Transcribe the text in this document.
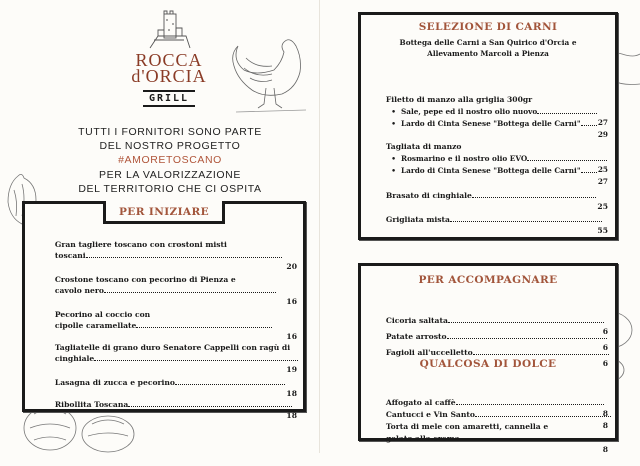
ROCCA
d'ORCIA
GRILL
TUTTI I FORNITORI SONO PARTE
DEL NOSTRO PROGETTO
#AMORETOSCANO
PER LA VALORIZZAZIONE
DEL TERRITORIO CHE CI OSPITA
PER INIZIARE

Gran tagliere toscano con crostoni misti

toscani

20

Crostone toscano con pecorino di Pienza e

cavolo nero

16

Pecorino al coccio con

cipolle caramellate

16

Tagliatelle di grano duro Senatore Cappelli con ragù di

cinghiale

19

Lasagna di zucca e pecorino

18

Ribollita Toscana

18

SELEZIONE DI CARNI
Bottega delle Carni a San Quirico d'Orcia e
Allevamento Marcoli a Pienza

Filetto di manzo alla griglia 300gr

•  Sale, pepe ed il nostro olio nuovo

27

•  Lardo di Cinta Senese "Bottega delle Carni"

29

Tagliata di manzo

•  Rosmarino e il nostro olio EVO

25

•  Lardo di Cinta Senese "Bottega delle Carni"

27

Brasato di cinghiale

25

Grigliata mista

55

PER ACCOMPAGNARE

Cicoria saltata

6

Patate arrosto

6

Fagioli all'uccelletto

6

QUALCOSA DI DOLCE

Affogato al caffè

8

Cantucci e Vin Santo

8

Torta di mele con amaretti, cannella e

gelato alla crema

8
